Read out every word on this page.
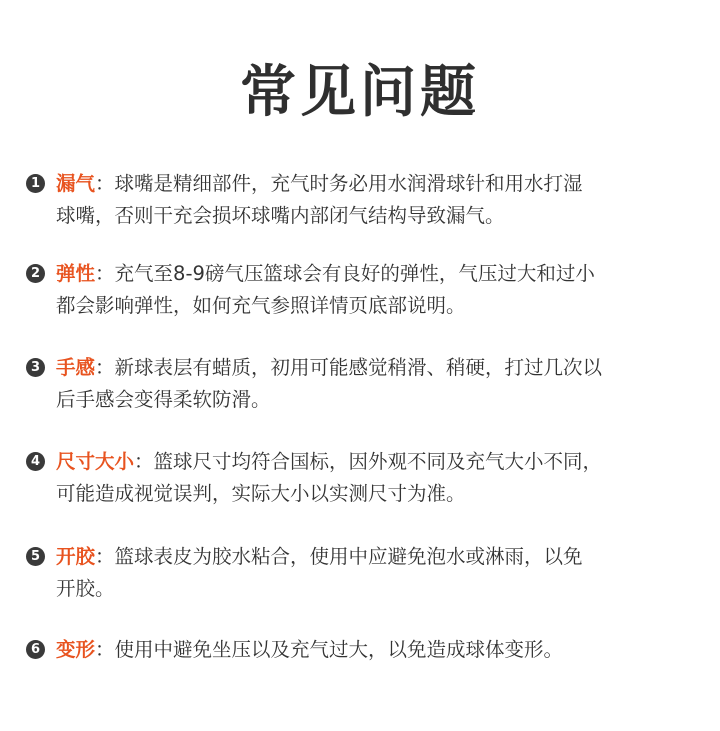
常见问题
1 漏气：球嘴是精细部件，充气时务必用水润滑球针和用水打湿
球嘴，否则干充会损坏球嘴内部闭气结构导致漏气。
2 弹性：充气至8-9磅气压篮球会有良好的弹性，气压过大和过小
都会影响弹性，如何充气参照详情页底部说明。
3 手感：新球表层有蜡质，初用可能感觉稍滑、稍硬，打过几次以
后手感会变得柔软防滑。
4 尺寸大小：篮球尺寸均符合国标，因外观不同及充气大小不同，
可能造成视觉误判，实际大小以实测尺寸为准。
5 开胶：篮球表皮为胶水粘合，使用中应避免泡水或淋雨，以免
开胶。
6 变形：使用中避免坐压以及充气过大，以免造成球体变形。
